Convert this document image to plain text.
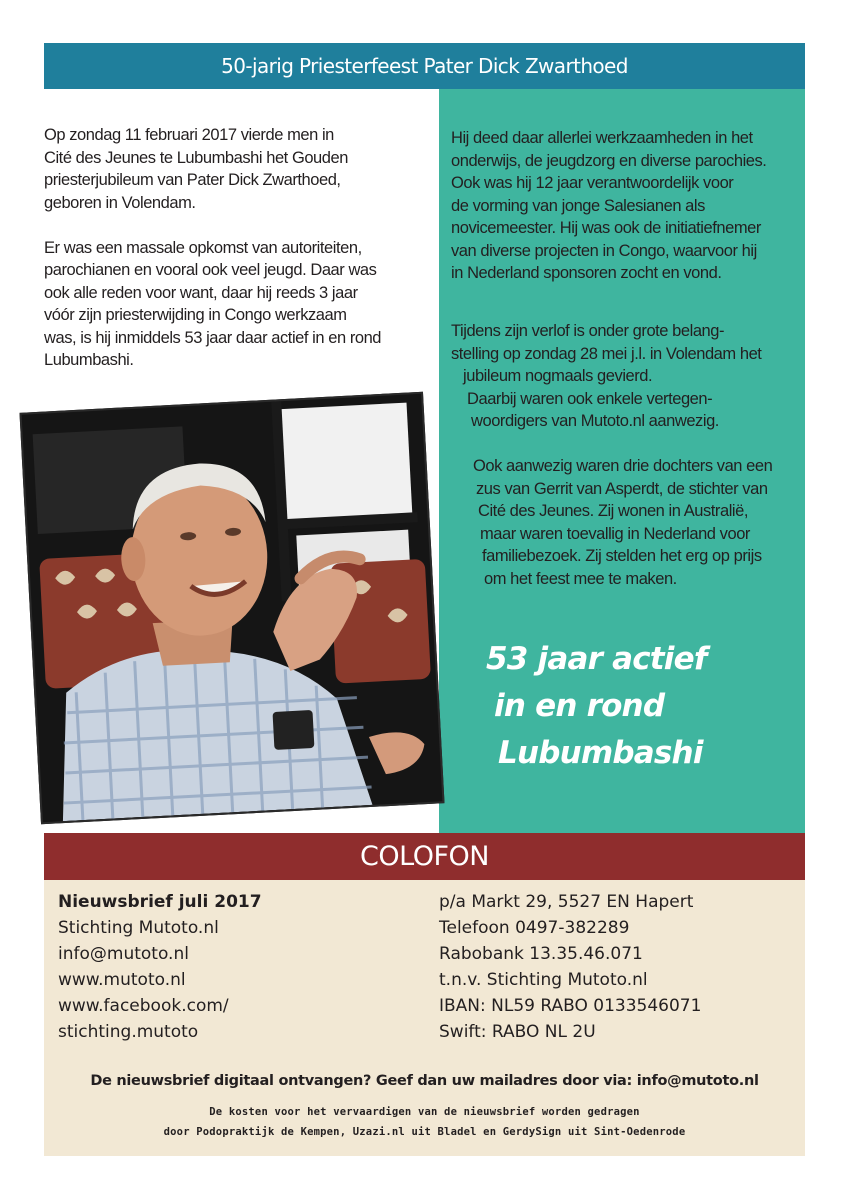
50-jarig Priesterfeest Pater Dick Zwarthoed

Op zondag 11 februari 2017 vierde men in
Cité des Jeunes te Lubumbashi het Gouden
priesterjubileum van Pater Dick Zwarthoed,
geboren in Volendam.

Er was een massale opkomst van autoriteiten,
parochianen en vooral ook veel jeugd. Daar was
ook alle reden voor want, daar hij reeds 3 jaar
vóór zijn priesterwijding in Congo werkzaam
was, is hij inmiddels 53 jaar daar actief in en rond
Lubumbashi.

Hij deed daar allerlei werkzaamheden in het
onderwijs, de jeugdzorg en diverse parochies.
Ook was hij 12 jaar verantwoordelijk voor
de vorming van jonge Salesianen als
novicemeester. Hij was ook de initiatiefnemer
van diverse projecten in Congo, waarvoor hij
in Nederland sponsoren zocht en vond.

Tijdens zijn verlof is onder grote belang-
stelling op zondag 28 mei j.l. in Volendam het
jubileum nogmaals gevierd.
Daarbij waren ook enkele vertegen-
woordigers van Mutoto.nl aanwezig.

Ook aanwezig waren drie dochters van een
zus van Gerrit van Asperdt, de stichter van
Cité des Jeunes. Zij wonen in Australië,
maar waren toevallig in Nederland voor
familiebezoek. Zij stelden het erg op prijs
om het feest mee te maken.

53 jaar actief
in en rond
Lubumbashi
COLOFON
Nieuwsbrief juli 2017
Stichting Mutoto.nl
info@mutoto.nl
www.mutoto.nl
www.facebook.com/
stichting.mutoto
p/a Markt 29, 5527 EN Hapert
Telefoon 0497-382289
Rabobank 13.35.46.071
t.n.v. Stichting Mutoto.nl
IBAN: NL59 RABO 0133546071
Swift: RABO NL 2U
De nieuwsbrief digitaal ontvangen? Geef dan uw mailadres door via: info@mutoto.nl
De kosten voor het vervaardigen van de nieuwsbrief worden gedragen
door Podopraktijk de Kempen, Uzazi.nl uit Bladel en GerdySign uit Sint-Oedenrode
